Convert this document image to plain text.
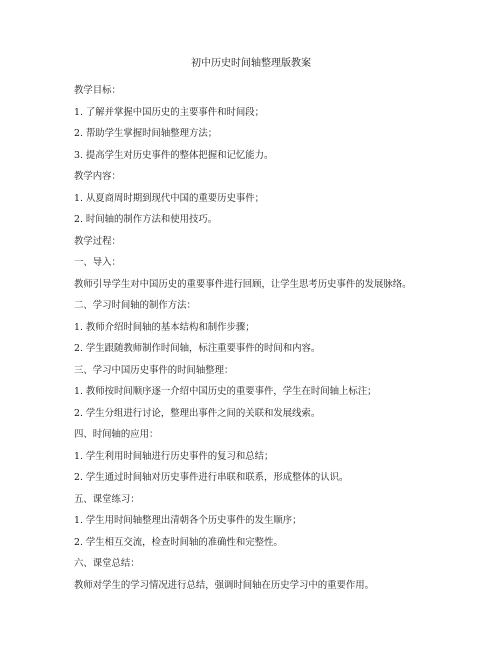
初中历史时间轴整理版教案
教学目标：
1. 了解并掌握中国历史的主要事件和时间段；
2. 帮助学生掌握时间轴整理方法；
3. 提高学生对历史事件的整体把握和记忆能力。
教学内容：
1. 从夏商周时期到现代中国的重要历史事件；
2. 时间轴的制作方法和使用技巧。
教学过程：
一、导入：
教师引导学生对中国历史的重要事件进行回顾，让学生思考历史事件的发展脉络。
二、学习时间轴的制作方法：
1. 教师介绍时间轴的基本结构和制作步骤；
2. 学生跟随教师制作时间轴，标注重要事件的时间和内容。
三、学习中国历史事件的时间轴整理：
1. 教师按时间顺序逐一介绍中国历史的重要事件，学生在时间轴上标注；
2. 学生分组进行讨论，整理出事件之间的关联和发展线索。
四、时间轴的应用：
1. 学生利用时间轴进行历史事件的复习和总结；
2. 学生通过时间轴对历史事件进行串联和联系，形成整体的认识。
五、课堂练习：
1. 学生用时间轴整理出清朝各个历史事件的发生顺序；
2. 学生相互交流，检查时间轴的准确性和完整性。
六、课堂总结：
教师对学生的学习情况进行总结，强调时间轴在历史学习中的重要作用。
